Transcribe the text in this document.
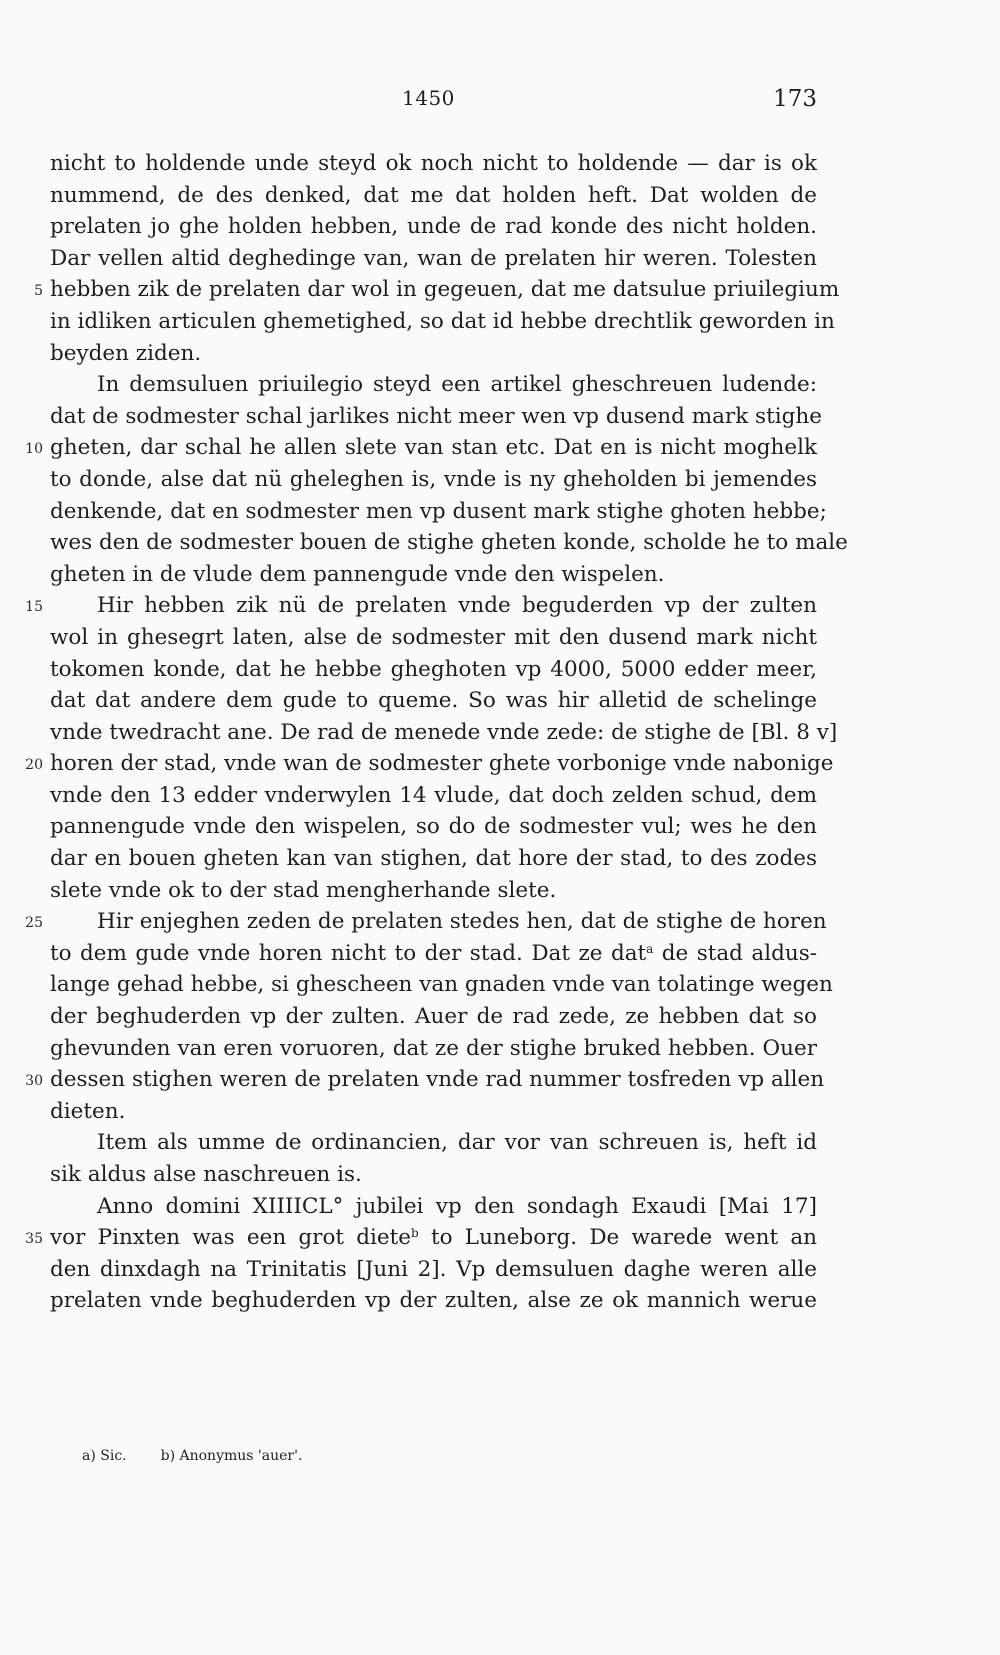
1450	173
nicht to holdende unde steyd ok noch nicht to holdende — dar is ok
nummend, de des denked, dat me dat holden heft. Dat wolden de
prelaten jo ghe holden hebben, unde de rad konde des nicht holden.
Dar vellen altid deghedinge van, wan de prelaten hir weren. Tolesten
5 hebben zik de prelaten dar wol in gegeuen, dat me datsulue priuilegium
in idliken articulen ghemetighed, so dat id hebbe drechtlik geworden in
beyden ziden.
In demsuluen priuilegio steyd een artikel gheschreuen ludende:
dat de sodmester schal jarlikes nicht meer wen vp dusend mark stighe
10 gheten, dar schal he allen slete van stan etc. Dat en is nicht moghelk
to donde, alse dat nü gheleghen is, vnde is ny gheholden bi jemendes
denkende, dat en sodmester men vp dusent mark stighe ghoten hebbe;
wes den de sodmester bouen de stighe gheten konde, scholde he to male
gheten in de vlude dem pannengude vnde den wispelen.
15	Hir hebben zik nü de prelaten vnde beguderden vp der zulten
wol in ghesegrt laten, alse de sodmester mit den dusend mark nicht
tokomen konde, dat he hebbe gheghoten vp 4000, 5000 edder meer,
dat dat andere dem gude to queme. So was hir alletid de schelinge
vnde twedracht ane. De rad de menede vnde zede: de stighe de [Bl. 8 v]
20 horen der stad, vnde wan de sodmester ghete vorbonige vnde nabonige
vnde den 13 edder vnderwylen 14 vlude, dat doch zelden schud, dem
pannengude vnde den wispelen, so do de sodmester vul; wes he den
dar en bouen gheten kan van stighen, dat hore der stad, to des zodes
slete vnde ok to der stad mengherhande slete.
25	Hir enjeghen zeden de prelaten stedes hen, dat de stighe de horen
to dem gude vnde horen nicht to der stad. Dat ze dat$^a$ de stad aldus-
lange gehad hebbe, si ghescheen van gnaden vnde van tolatinge wegen
der beghuderden vp der zulten. Auer de rad zede, ze hebben dat so
ghevunden van eren voruoren, dat ze der stighe bruked hebben. Ouer
30 dessen stighen weren de prelaten vnde rad nummer tosfreden vp allen
dieten.
Item als umme de ordinancien, dar vor van schreuen is, heft id
sik aldus alse naschreuen is.
Anno domini XIIIICL° jubilei vp den sondagh Exaudi [Mai 17]
35 vor Pinxten was een grot diete$^b$ to Luneborg. De warede went an
den dinxdagh na Trinitatis [Juni 2]. Vp demsuluen daghe weren alle
prelaten vnde beghuderden vp der zulten, alse ze ok mannich werue
a) Sic. b) Anonymus 'auer'.
